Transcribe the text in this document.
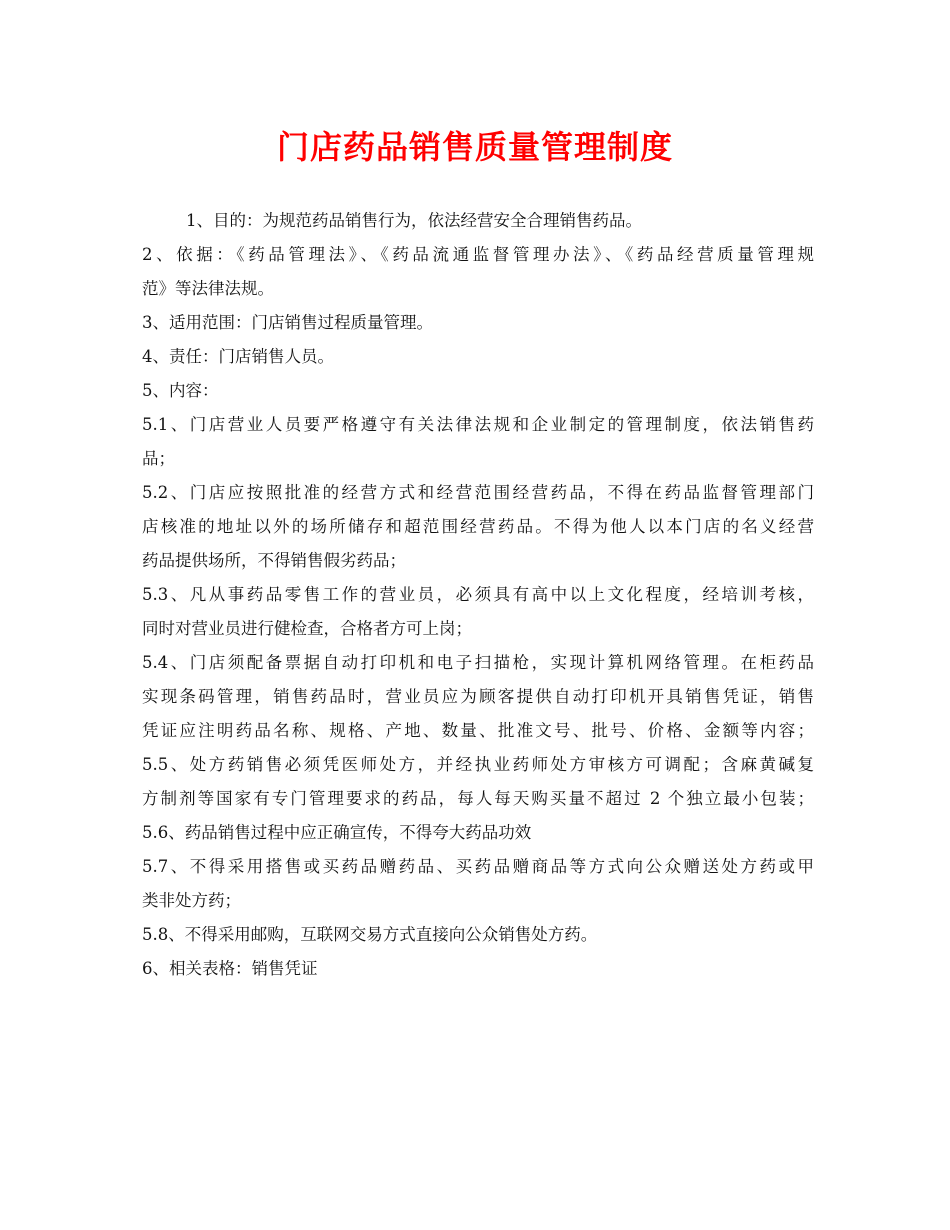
门店药品销售质量管理制度
1、目的：为规范药品销售行为，依法经营安全合理销售药品。
2、依据：《药品管理法》、《药品流通监督管理办法》、《药品经营质量管理规
范》等法律法规。
3、适用范围：门店销售过程质量管理。
4、责任：门店销售人员。
5、内容：
5.1、门店营业人员要严格遵守有关法律法规和企业制定的管理制度，依法销售药
品；
5.2、门店应按照批准的经营方式和经营范围经营药品，不得在药品监督管理部门
店核准的地址以外的场所储存和超范围经营药品。不得为他人以本门店的名义经营
药品提供场所，不得销售假劣药品；
5.3、凡从事药品零售工作的营业员，必须具有高中以上文化程度，经培训考核，
同时对营业员进行健检查，合格者方可上岗；
5.4、门店须配备票据自动打印机和电子扫描枪，实现计算机网络管理。在柜药品
实现条码管理，销售药品时，营业员应为顾客提供自动打印机开具销售凭证，销售
凭证应注明药品名称、规格、产地、数量、批准文号、批号、价格、金额等内容；
5.5、处方药销售必须凭医师处方，并经执业药师处方审核方可调配；含麻黄碱复
方制剂等国家有专门管理要求的药品，每人每天购买量不超过 2 个独立最小包装；
5.6、药品销售过程中应正确宣传，不得夸大药品功效
5.7、不得采用搭售或买药品赠药品、买药品赠商品等方式向公众赠送处方药或甲
类非处方药；
5.8、不得采用邮购，互联网交易方式直接向公众销售处方药。
6、相关表格：销售凭证
